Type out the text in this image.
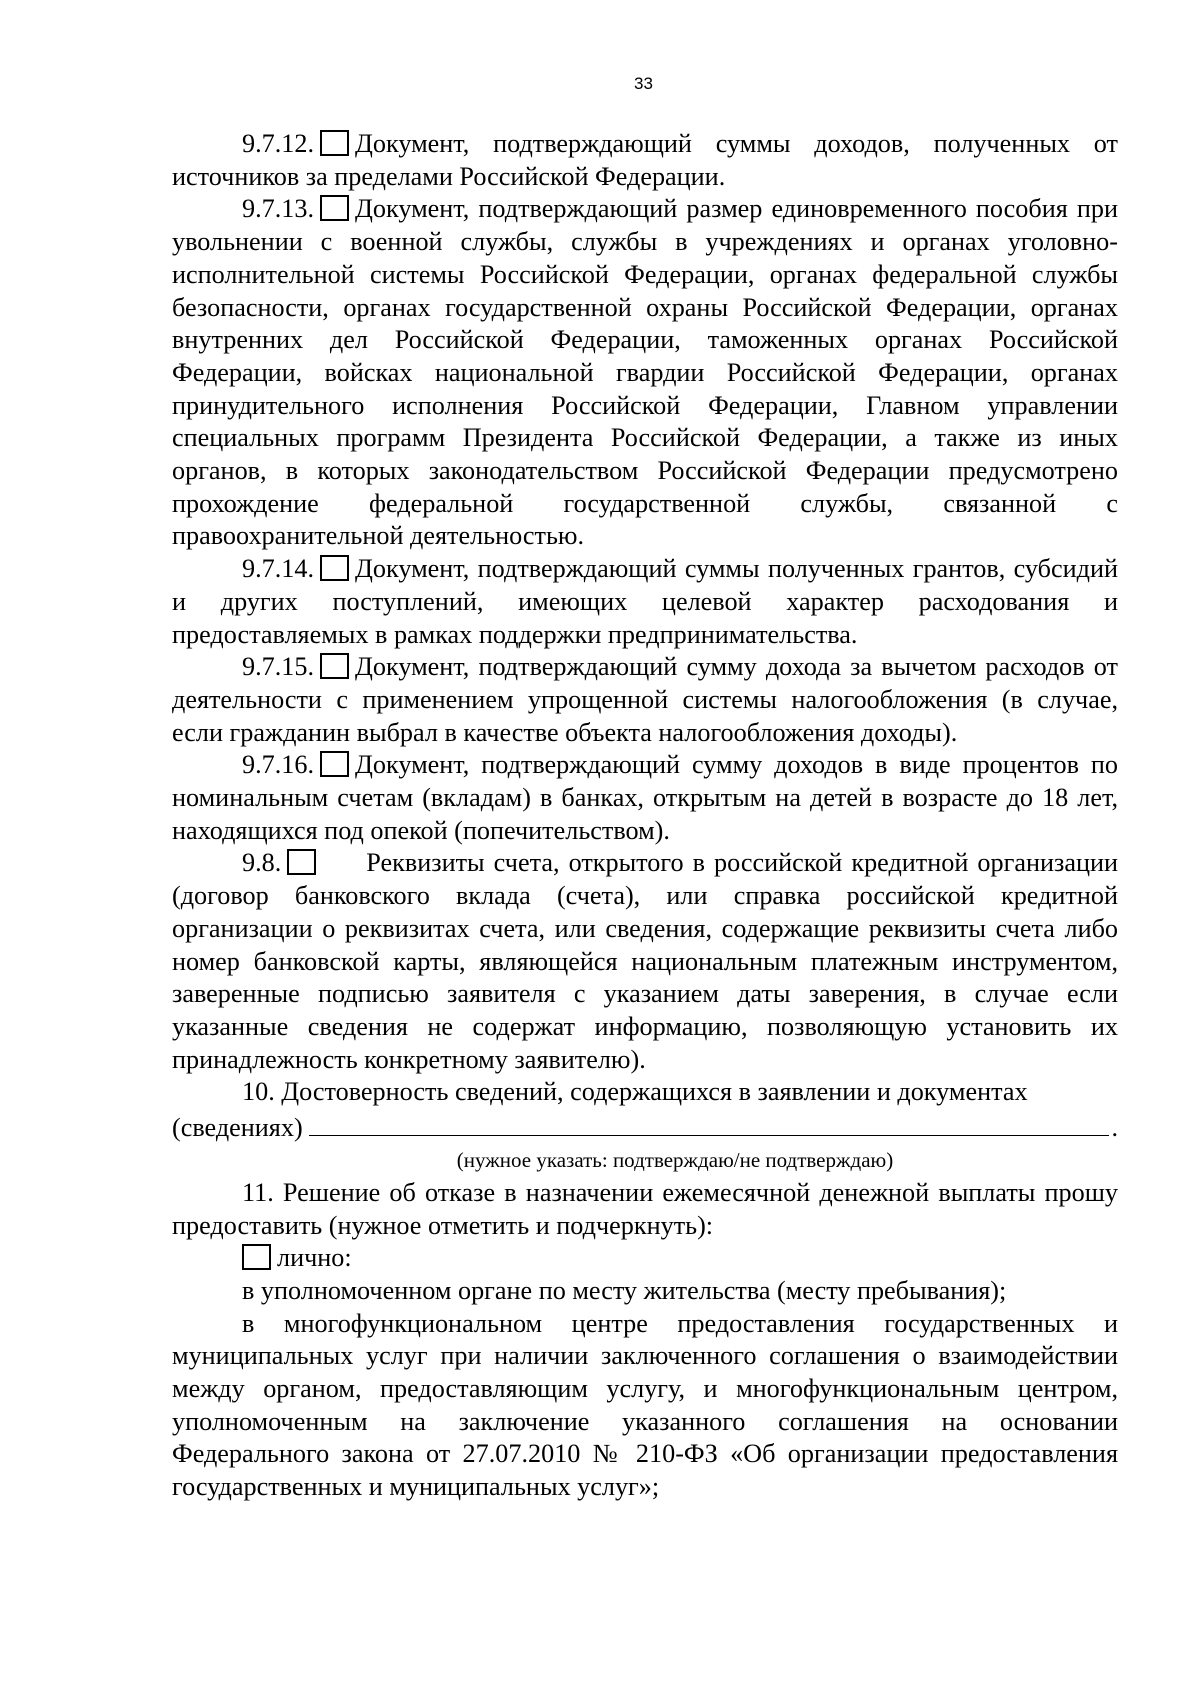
33

9.7.12. Документ, подтверждающий суммы доходов, полученных от источников за пределами Российской Федерации.

9.7.13. Документ, подтверждающий размер единовременного пособия при увольнении с военной службы, службы в учреждениях и органах уголовно-исполнительной системы Российской Федерации, органах федеральной службы безопасности, органах государственной охраны Российской Федерации, органах внутренних дел Российской Федерации, таможенных органах Российской Федерации, войсках национальной гвардии Российской Федерации, органах принудительного исполнения Российской Федерации, Главном управлении специальных программ Президента Российской Федерации, а также из иных органов, в которых законодательством Российской Федерации предусмотрено прохождение федеральной государственной службы, связанной с правоохранительной деятельностью.

9.7.14. Документ, подтверждающий суммы полученных грантов, субсидий и других поступлений, имеющих целевой характер расходования и предоставляемых в рамках поддержки предпринимательства.

9.7.15. Документ, подтверждающий сумму дохода за вычетом расходов от деятельности с применением упрощенной системы налогообложения (в случае, если гражданин выбрал в качестве объекта налогообложения доходы).

9.7.16. Документ, подтверждающий сумму доходов в виде процентов по номинальным счетам (вкладам) в банках, открытым на детей в возрасте до 18 лет, находящихся под опекой (попечительством).

9.8.	Реквизиты счета, открытого в российской кредитной организации (договор банковского вклада (счета), или справка российской кредитной организации о реквизитах счета, или сведения, содержащие реквизиты счета либо номер банковской карты, являющейся национальным платежным инструментом, заверенные подписью заявителя с указанием даты заверения, в случае если указанные сведения не содержат информацию, позволяющую установить их принадлежность конкретному заявителю).

10. Достоверность сведений, содержащихся в заявлении и документах

(сведениях)	.
(нужное указать: подтверждаю/не подтверждаю)

11. Решение об отказе в назначении ежемесячной денежной выплаты прошу предоставить (нужное отметить и подчеркнуть):

лично:

в уполномоченном органе по месту жительства (месту пребывания);

в многофункциональном центре предоставления государственных и муниципальных услуг при наличии заключенного соглашения о взаимодействии между органом, предоставляющим услугу, и многофункциональным центром, уполномоченным на заключение указанного соглашения на основании Федерального закона от 27.07.2010 № 210-ФЗ «Об организации предоставления государственных и муниципальных услуг»;
